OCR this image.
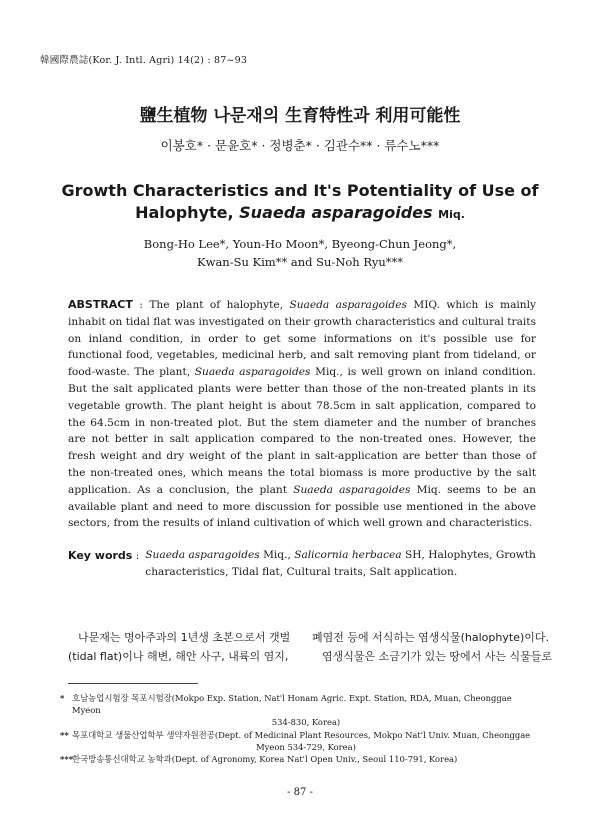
韓國際農誌(Kor. J. Intl. Agri) 14(2) : 87~93
鹽生植物 나문재의 生育特性과 利用可能性
이봉호* · 문윤호* · 정병춘* · 김관수** · 류수노***
Growth Characteristics and It's Potentiality of Use of
Halophyte, Suaeda asparagoides Miq.
Bong-Ho Lee*, Youn-Ho Moon*, Byeong-Chun Jeong*,
Kwan-Su Kim** and Su-Noh Ryu***

ABSTRACT : The plant of halophyte, Suaeda asparagoides MIQ. which is mainly inhabit on tidal flat was investigated on their growth characteristics and cultural traits on inland condition, in order to get some informations on it's possible use for functional food, vegetables, medicinal herb, and salt removing plant from tideland, or food-waste. The plant, Suaeda asparagoides Miq., is well grown on inland condition. But the salt applicated plants were better than those of the non-treated plants in its vegetable growth. The plant height is about 78.5cm in salt application, compared to the 64.5cm in non-treated plot. But the stem diameter and the number of branches are not better in salt application compared to the non-treated ones. However, the fresh weight and dry weight of the plant in salt-application are better than those of the non-treated ones, which means the total biomass is more productive by the salt application. As a conclusion, the plant Suaeda asparagoides Miq. seems to be an available plant and need to more discussion for possible use mentioned in the above sectors, from the results of inland cultivation of which well grown and characteristics.

Key words : Suaeda asparagoides Miq., Salicornia herbacea SH, Halophytes, Growth characteristics, Tidal flat, Cultural traits, Salt application.
나문재는 명아주과의 1년생 초본으로서 갯벌
(tidal flat)이나 해변, 해안 사구, 내륙의 염지,
폐염전 등에 서식하는 염생식물(halophyte)이다.
염생식물은 소금기가 있는 땅에서 사는 식물들로
* 호남농업시험장 목포시험장(Mokpo Exp. Station, Nat'l Honam Agric. Expt. Station, RDA, Muan, Cheonggae Myeon
534-830, Korea)
** 목포대학교 생물산업학부 생약자원전공(Dept. of Medicinal Plant Resources, Mokpo Nat'l Univ. Muan, Cheonggae
Myeon 534-729, Korea)
***
한국방송통신대학교 농학과(Dept. of Agronomy, Korea Nat'l Open Univ., Seoul 110-791, Korea)
- 87 -
